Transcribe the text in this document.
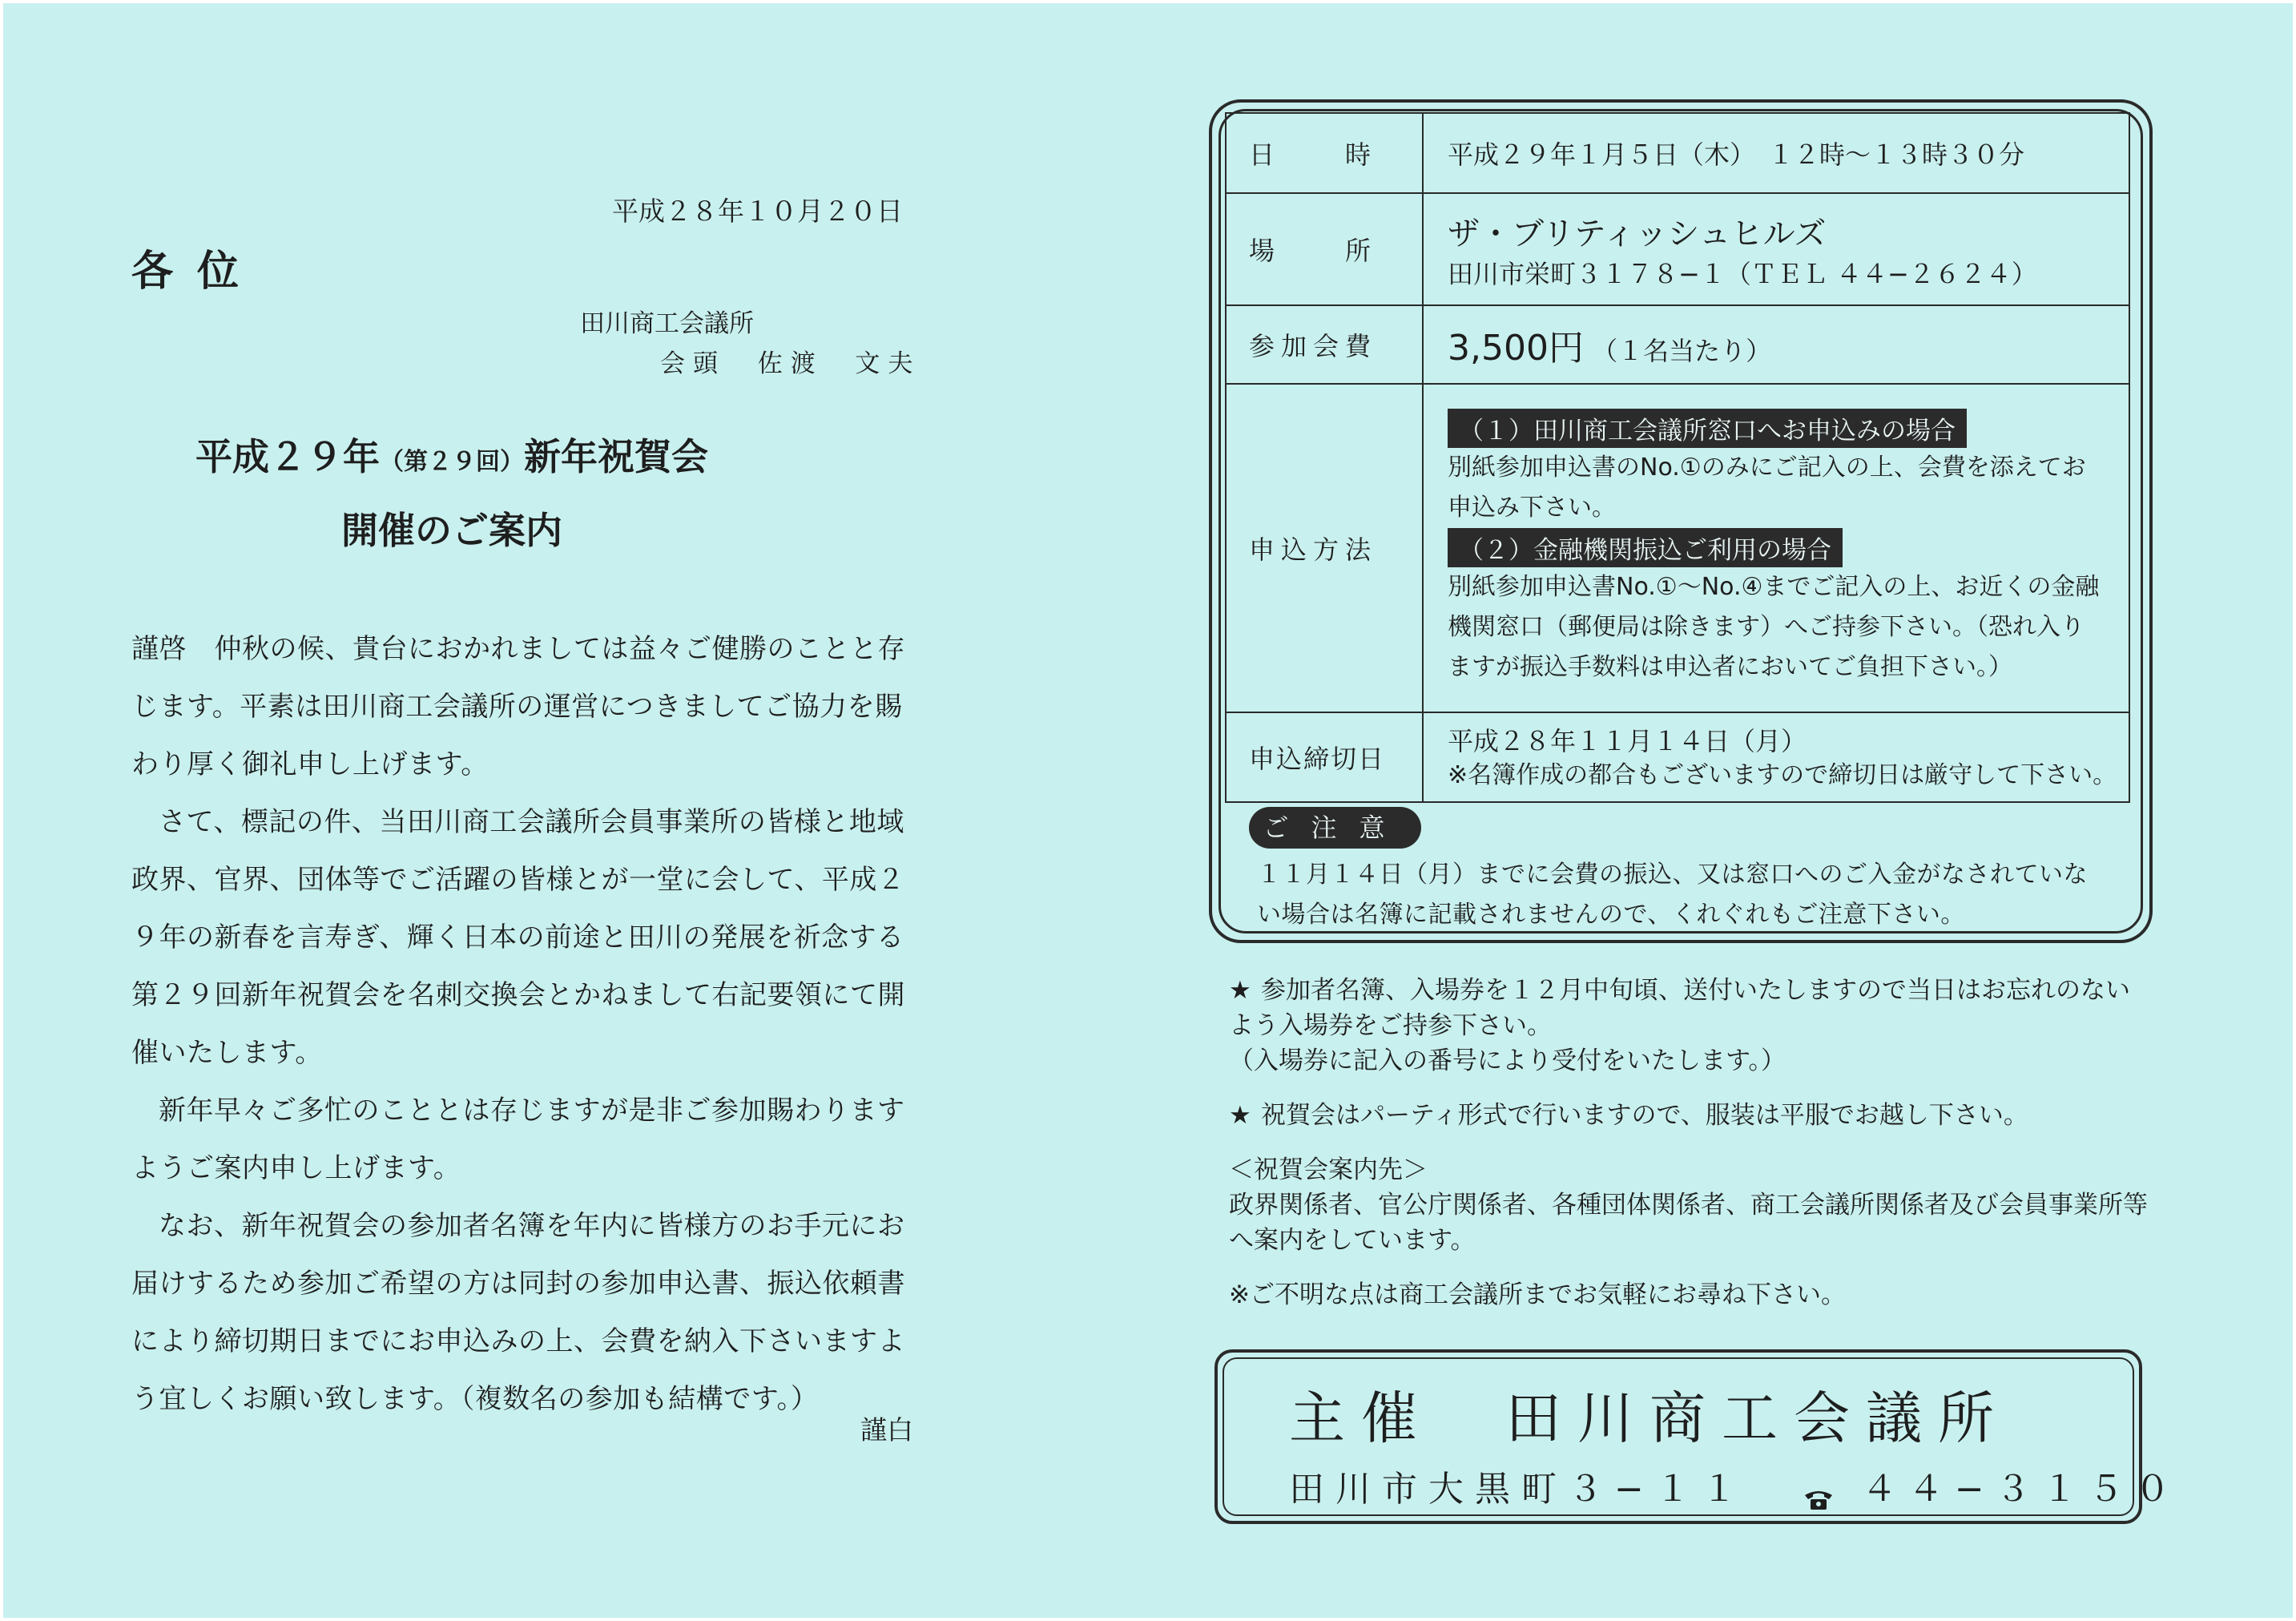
平成２８年１０月２０日
各位
田川商工会議所
会頭  佐渡  文夫
平成２９年（第２９回）新年祝賀会
開催のご案内

謹啓　仲秋の候、貴台におかれましては益々ご健勝のことと存じます。平素は田川商工会議所の運営につきましてご協力を賜わり厚く御礼申し上げます。

さて、標記の件、当田川商工会議所会員事業所の皆様と地域政界、官界、団体等でご活躍の皆様とが一堂に会して、平成２９年の新春を言寿ぎ、輝く日本の前途と田川の発展を祈念する第２９回新年祝賀会を名刺交換会とかねまして右記要領にて開催いたします。

新年早々ご多忙のこととは存じますが是非ご参加賜わりますようご案内申し上げます。

なお、新年祝賀会の参加者名簿を年内に皆様方のお手元にお届けするため参加ご希望の方は同封の参加申込書、振込依頼書により締切期日までにお申込みの上、会費を納入下さいますよう宜しくお願い致します。（複数名の参加も結構です。）

謹白
日　　時	平成２９年１月５日（木）　１２時～１３時３０分
場　　所	ザ・ブリティッシュヒルズ
田川市栄町３１７８−１（ＴＥＬ ４４−２６２４）

参加会費	3,500円 （１名当たり）
申込方法	（１）田川商工会議所窓口へお申込みの場合
別紙参加申込書のNo.①のみにご記入の上、会費を添えてお申込み下さい。
（２）金融機関振込ご利用の場合
別紙参加申込書No.①～No.④までご記入の上、お近くの金融機関窓口（郵便局は除きます）へご持参下さい。（恐れ入りますが振込手数料は申込者においてご負担下さい。）

申込締切日	平成２８年１１月１４日（月）
※名簿作成の都合もございますので締切日は厳守して下さい。
ご注意
１１月１４日（月）までに会費の振込、又は窓口へのご入金がなされていない場合は名簿に記載されませんので、くれぐれもご注意下さい。

★ 参加者名簿、入場券を１２月中旬頃、送付いたしますので当日はお忘れのないよう入場券をご持参下さい。

（入場券に記入の番号により受付をいたします。）

★ 祝賀会はパーティ形式で行いますので、服装は平服でお越し下さい。

＜祝賀会案内先＞

政界関係者、官公庁関係者、各種団体関係者、商工会議所関係者及び会員事業所等へ案内をしています。

※ご不明な点は商工会議所までお気軽にお尋ね下さい。

主催　田川商工会議所
田川市大黒町３−１１	４４−３１５０
